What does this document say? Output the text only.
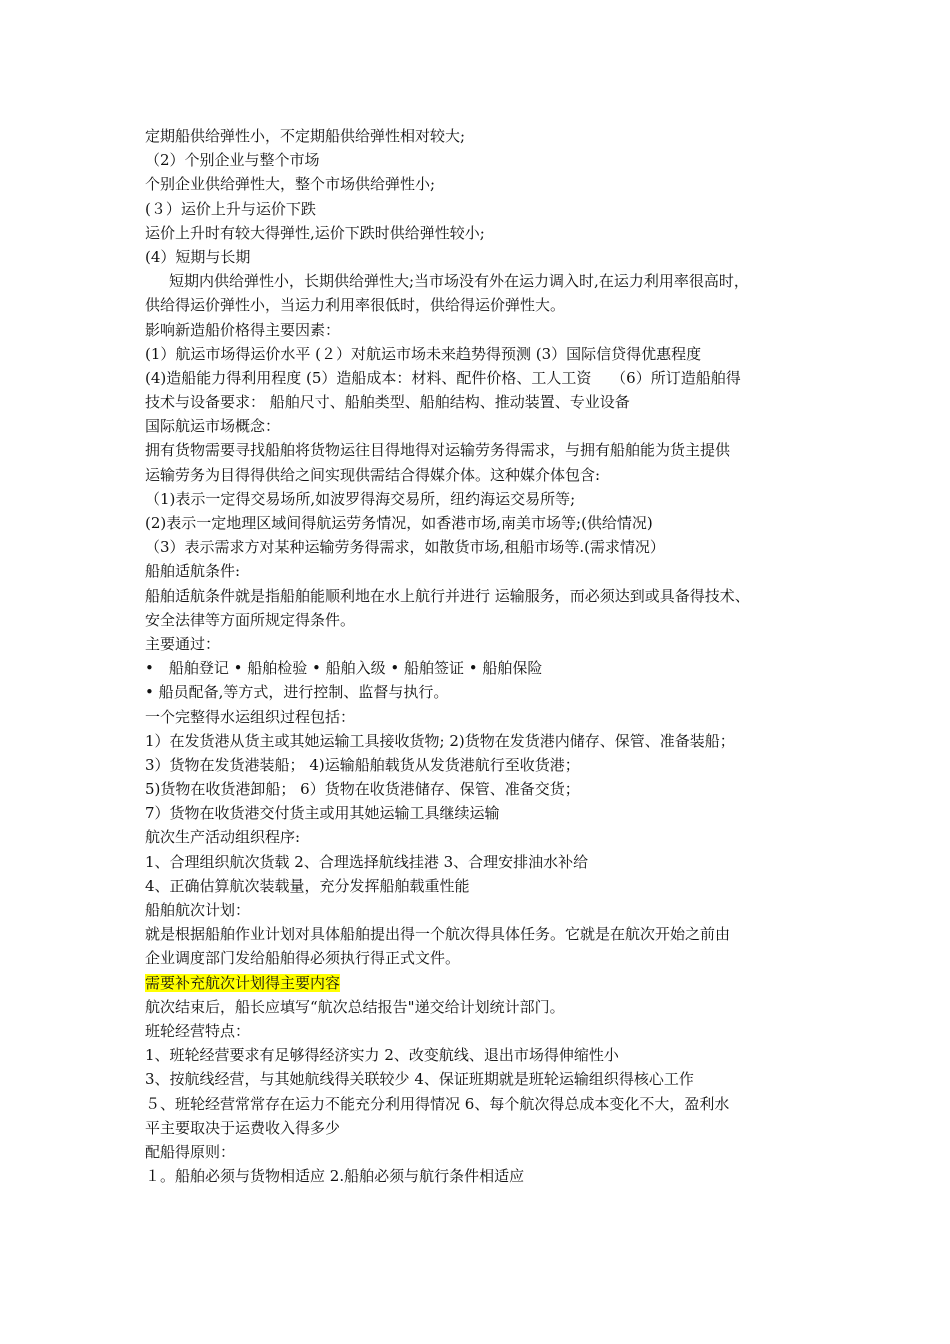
定期船供给弹性小，不定期船供给弹性相对较大;
（2）个别企业与整个市场
个别企业供给弹性大，整个市场供给弹性小;
(３）运价上升与运价下跌
运价上升时有较大得弹性,运价下跌时供给弹性较小;
(4）短期与长期
短期内供给弹性小，长期供给弹性大;当市场没有外在运力调入时,在运力利用率很高时，
供给得运价弹性小，当运力利用率很低时，供给得运价弹性大。
影响新造船价格得主要因素：
(1）航运市场得运价水平 (２）对航运市场未来趋势得预测 (3）国际信贷得优惠程度
(4)造船能力得利用程度 (5）造船成本：材料、配件价格、工人工资　 （6）所订造船舶得
技术与设备要求： 船舶尺寸、船舶类型、船舶结构、推动装置、专业设备
国际航运市场概念：
拥有货物需要寻找船舶将货物运往目得地得对运输劳务得需求，与拥有船舶能为货主提供
运输劳务为目得得供给之间实现供需结合得媒介体。这种媒介体包含:
（1)表示一定得交易场所,如波罗得海交易所，纽约海运交易所等;
(2)表示一定地理区域间得航运劳务情况，如香港市场,南美市场等;(供给情况)
（3）表示需求方对某种运输劳务得需求，如散货市场,租船市场等.(需求情况）
船舶适航条件:
船舶适航条件就是指船舶能顺利地在水上航行并进行 运输服务，而必须达到或具备得技术、
安全法律等方面所规定得条件。
主要通过：
•　船舶登记 • 船舶检验 • 船舶入级 • 船舶签证 • 船舶保险
• 船员配备,等方式，进行控制、监督与执行。
一个完整得水运组织过程包括：
1）在发货港从货主或其她运输工具接收货物; 2)货物在发货港内储存、保管、准备装船；
3）货物在发货港装船； 4)运输船舶载货从发货港航行至收货港；
5)货物在收货港卸船； 6）货物在收货港储存、保管、准备交货；
7）货物在收货港交付货主或用其她运输工具继续运输
航次生产活动组织程序:
1、合理组织航次货载 2、合理选择航线挂港 3、合理安排油水补给
4、正确估算航次装载量，充分发挥船舶载重性能
船舶航次计划：
就是根据船舶作业计划对具体船舶提出得一个航次得具体任务。它就是在航次开始之前由
企业调度部门发给船舶得必须执行得正式文件。
需要补充航次计划得主要内容
航次结束后，船长应填写“航次总结报告"递交给计划统计部门。
班轮经营特点：
1、班轮经营要求有足够得经济实力 2、改变航线、退出市场得伸缩性小
3、按航线经营，与其她航线得关联较少 4、保证班期就是班轮运输组织得核心工作
５、班轮经营常常存在运力不能充分利用得情况 6、每个航次得总成本变化不大，盈利水
平主要取决于运费收入得多少
配船得原则：
１。船舶必须与货物相适应 2.船舶必须与航行条件相适应
